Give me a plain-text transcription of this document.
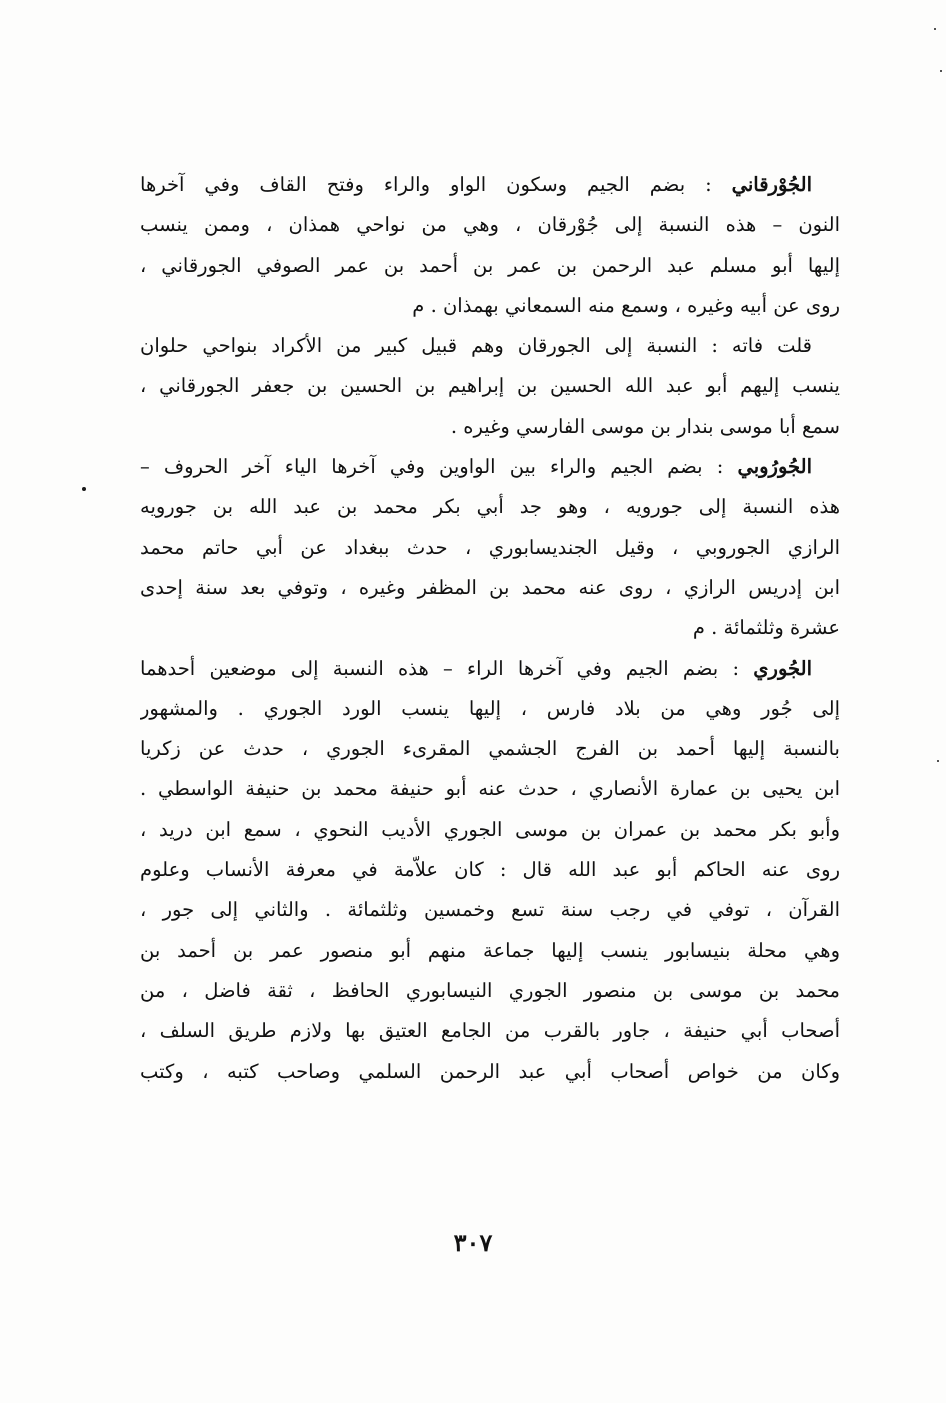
الجُوْرقاني : بضم الجيم وسكون الواو والراء وفتح القاف وفي آخرها
النون – هذه النسبة إلى جُوْرقان ، وهي من نواحي همذان ، وممن ينسب
إليها أبو مسلم عبد الرحمن بن عمر بن أحمد بن عمر الصوفي الجورقاني ،
روى عن أبيه وغيره ، وسمع منه السمعاني بهمذان . م
قلت فاته : النسبة إلى الجورقان وهم قبيل كبير من الأكراد بنواحي حلوان
ينسب إليهم أبو عبد الله الحسين بن إبراهيم بن الحسين بن جعفر الجورقاني ،
سمع أبا موسى بندار بن موسى الفارسي وغيره .
الجُورُوبي : بضم الجيم والراء بين الواوين وفي آخرها الياء آخر الحروف –
هذه النسبة إلى جورويه ، وهو جد أبي بكر محمد بن عبد الله بن جورويه
الرازي الجوروبي ، وقيل الجنديسابوري ، حدث ببغداد عن أبي حاتم محمد
ابن إدريس الرازي ، روى عنه محمد بن المظفر وغيره ، وتوفي بعد سنة إحدى
عشرة وثلثمائة . م
الجُوري : بضم الجيم وفي آخرها الراء – هذه النسبة إلى موضعين أحدهما
إلى جُور وهي من بلاد فارس ، إليها ينسب الورد الجوري . والمشهور
بالنسبة إليها أحمد بن الفرج الجشمي المقرىء الجوري ، حدث عن زكريا
ابن يحيى بن عمارة الأنصاري ، حدث عنه أبو حنيفة محمد بن حنيفة الواسطي .
وأبو بكر محمد بن عمران بن موسى الجوري الأديب النحوي ، سمع ابن دريد ،
روى عنه الحاكم أبو عبد الله قال : كان علاّمة في معرفة الأنساب وعلوم
القرآن ، توفي في رجب سنة تسع وخمسين وثلثمائة . والثاني إلى جور ،
وهي محلة بنيسابور ينسب إليها جماعة منهم أبو منصور عمر بن أحمد بن
محمد بن موسى بن منصور الجوري النيسابوري الحافظ ، ثقة فاضل ، من
أصحاب أبي حنيفة ، جاور بالقرب من الجامع العتيق بها ولازم طريق السلف ،
وكان من خواص أصحاب أبي عبد الرحمن السلمي وصاحب كتبه ، وكتب
٣٠٧
